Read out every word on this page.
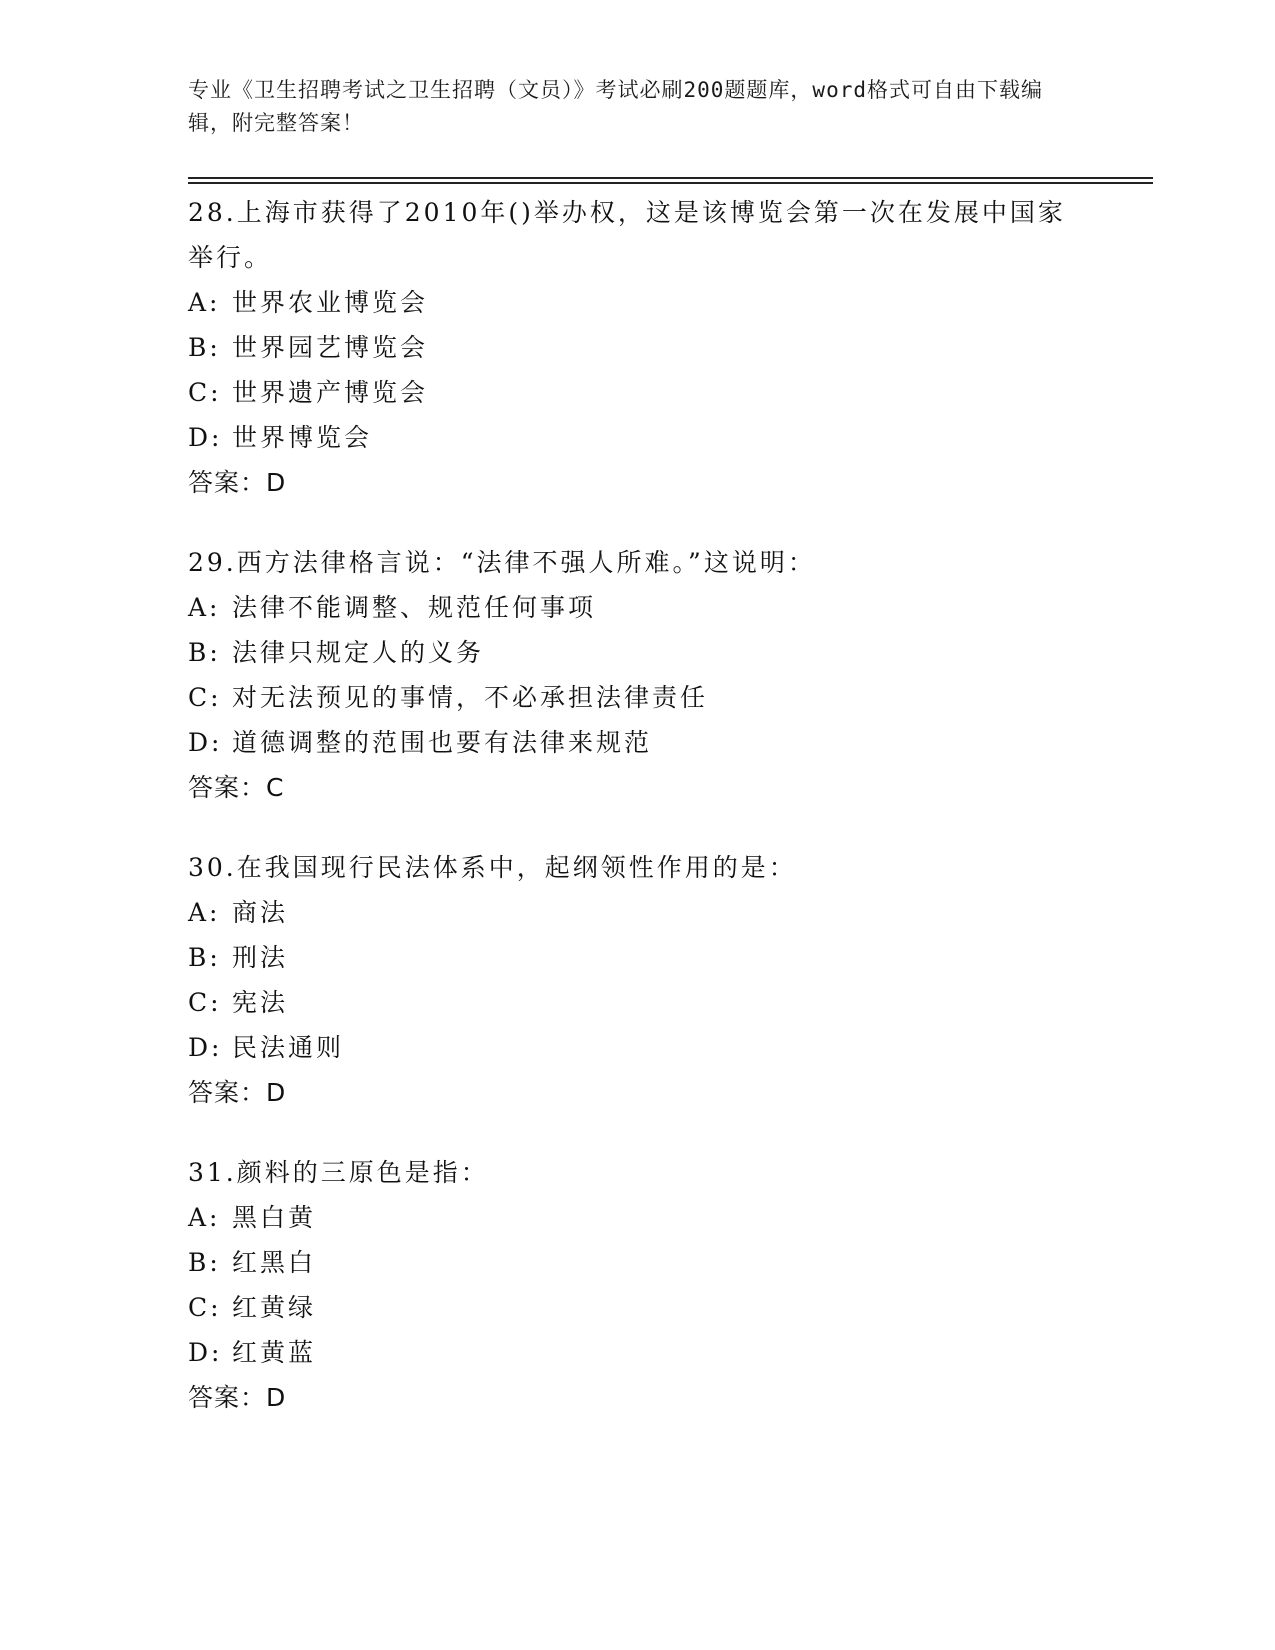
专业《卫生招聘考试之卫生招聘（文员）》考试必刷200题题库，word格式可自由下载编辑，附完整答案！

28.上海市获得了2010年()举办权，这是该博览会第一次在发展中国家举行。

A: 世界农业博览会
B: 世界园艺博览会
C: 世界遗产博览会
D: 世界博览会

答案：D

29.西方法律格言说：“法律不强人所难。”这说明：

A: 法律不能调整、规范任何事项
B: 法律只规定人的义务
C: 对无法预见的事情，不必承担法律责任
D: 道德调整的范围也要有法律来规范

答案：C

30.在我国现行民法体系中，起纲领性作用的是：

A: 商法
B: 刑法
C: 宪法
D: 民法通则

答案：D

31.颜料的三原色是指：

A: 黑白黄
B: 红黑白
C: 红黄绿
D: 红黄蓝

答案：D
